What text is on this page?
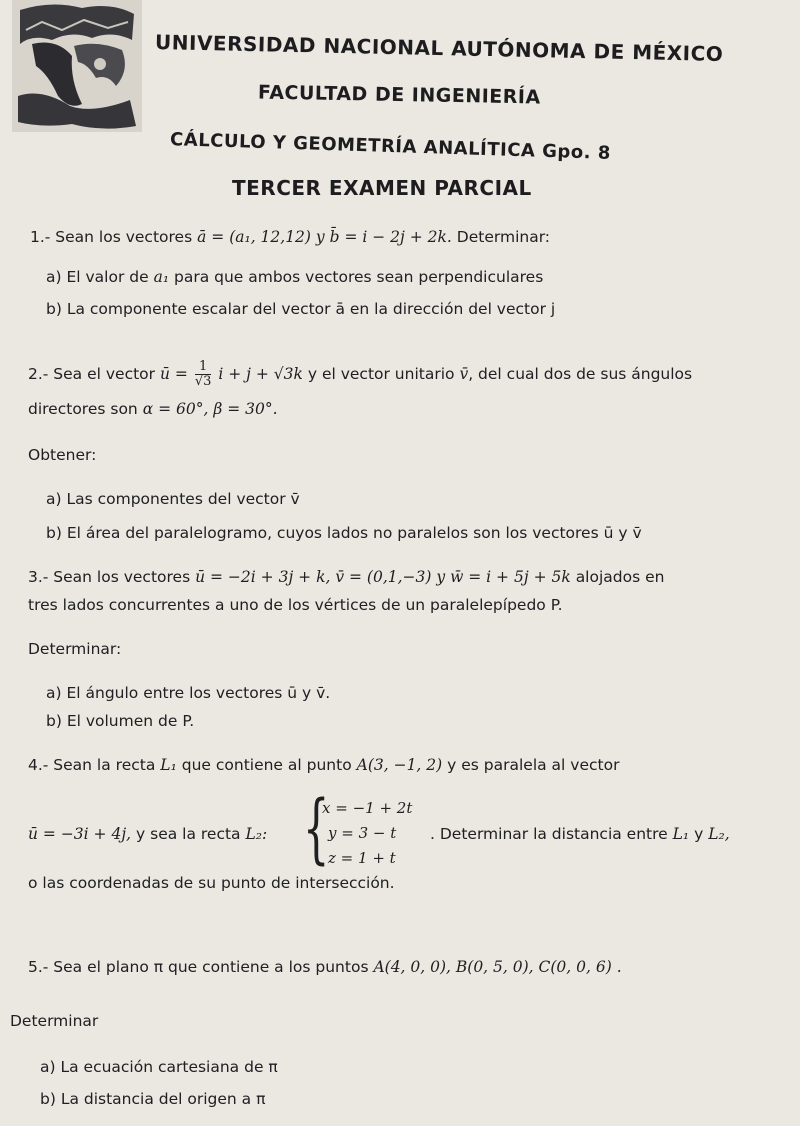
UNIVERSIDAD NACIONAL AUTÓNOMA DE MÉXICO
FACULTAD DE INGENIERÍA
CÁLCULO Y GEOMETRÍA ANALÍTICA Gpo. 8
TERCER EXAMEN PARCIAL
1.- Sean los vectores ā = (a₁, 12,12) y b̄ = i − 2j + 2k. Determinar:
a) El valor de a₁ para que ambos vectores sean perpendiculares
b) La componente escalar del vector ā en la dirección del vector j
2.- Sea el vector ū = $\frac{1}{√3}$ i + j + √3k y el vector unitario v̄, del cual dos de sus ángulos
directores son α = 60°, β = 30°.
Obtener:
a) Las componentes del vector v̄
b) El área del paralelogramo, cuyos lados no paralelos son los vectores ū y v̄
3.- Sean los vectores ū = −2i + 3j + k, v̄ = (0,1,−3) y w̄ = i + 5j + 5k alojados en
tres lados concurrentes a uno de los vértices de un paralelepípedo P.
Determinar:
a) El ángulo entre los vectores ū y v̄.
b) El volumen de P.
4.- Sean la recta L₁ que contiene al punto A(3, −1, 2) y es paralela al vector
ū = −3i + 4j, y sea la recta L₂: {
x = −1 + 2t
y = 3 − t
z = 1 + t
. Determinar la distancia entre L₁ y L₂,
o las coordenadas de su punto de intersección.
5.- Sea el plano π que contiene a los puntos A(4, 0, 0), B(0, 5, 0), C(0, 0, 6) .
Determinar
a) La ecuación cartesiana de π
b) La distancia del origen a π
